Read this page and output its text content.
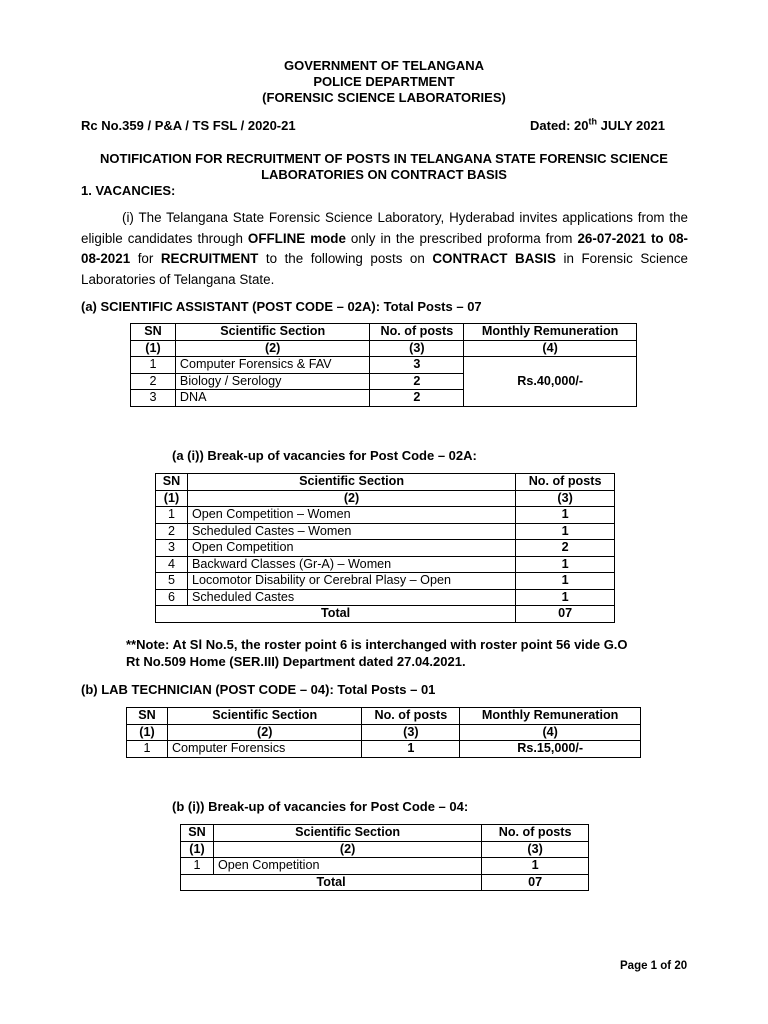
GOVERNMENT OF TELANGANA
POLICE DEPARTMENT
(FORENSIC SCIENCE LABORATORIES)
Rc No.359 / P&A / TS FSL / 2020-21	Dated: 20th JULY 2021
NOTIFICATION FOR RECRUITMENT OF POSTS IN TELANGANA STATE FORENSIC SCIENCE
LABORATORIES ON CONTRACT BASIS
1. VACANCIES:
(i) The Telangana State Forensic Science Laboratory, Hyderabad invites applications from the eligible candidates through OFFLINE mode only in the prescribed proforma from 26-07-2021 to 08-08-2021 for RECRUITMENT to the following posts on CONTRACT BASIS in Forensic Science Laboratories of Telangana State.
(a) SCIENTIFIC ASSISTANT (POST CODE – 02A): Total Posts – 07
SN	Scientific Section	No. of posts	Monthly Remuneration
(1)	(2)	(3)	(4)
1	Computer Forensics & FAV	3	Rs.40,000/-
2	Biology / Serology	2	
3	DNA	2	
(a (i)) Break-up of vacancies for Post Code – 02A:
SN	Scientific Section	No. of posts
(1)	(2)	(3)
1	Open Competition – Women	1
2	Scheduled Castes – Women	1
3	Open Competition	2
4	Backward Classes (Gr-A) – Women	1
5	Locomotor Disability or Cerebral Plasy – Open	1
6	Scheduled Castes	1
Total		07
**Note: At Sl No.5, the roster point 6 is interchanged with roster point 56 vide G.O
Rt No.509 Home (SER.III) Department dated 27.04.2021.
(b) LAB TECHNICIAN (POST CODE – 04): Total Posts – 01
SN	Scientific Section	No. of posts	Monthly Remuneration
(1)	(2)	(3)	(4)
1	Computer Forensics	1	Rs.15,000/-
(b (i)) Break-up of vacancies for Post Code – 04:
SN	Scientific Section	No. of posts
(1)	(2)	(3)
1	Open Competition	1
Total		07
Page 1 of 20
